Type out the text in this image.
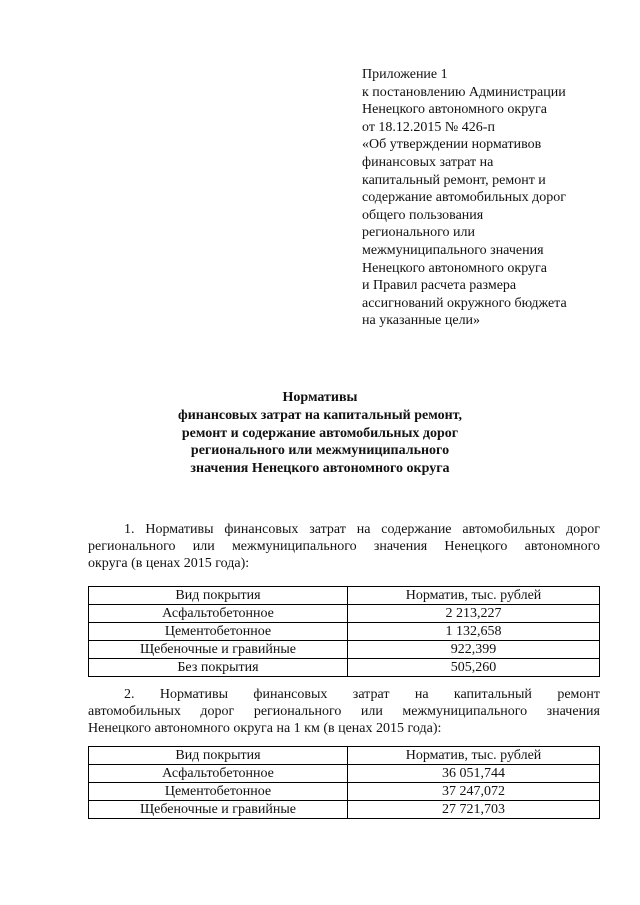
Приложение 1
к постановлению Администрации
Ненецкого автономного округа
от 18.12.2015 № 426-п
«Об утверждении нормативов
финансовых затрат на
капитальный ремонт, ремонт и
содержание автомобильных дорог
общего пользования
регионального или
межмуниципального значения
Ненецкого автономного округа
и Правил расчета размера
ассигнований окружного бюджета
на указанные цели»
Нормативы
финансовых затрат на капитальный ремонт,
ремонт и содержание автомобильных дорог
регионального или межмуниципального
значения Ненецкого автономного округа
1. Нормативы финансовых затрат на содержание автомобильных дорог
регионального или межмуниципального значения Ненецкого автономного
округа (в ценах 2015 года):
Вид покрытия	Норматив, тыс. рублей
Асфальтобетонное	2 213,227
Цементобетонное	1 132,658
Щебеночные и гравийные	922,399
Без покрытия	505,260
2. Нормативы финансовых затрат на капитальный ремонт
автомобильных дорог регионального или межмуниципального значения
Ненецкого автономного округа на 1 км (в ценах 2015 года):
Вид покрытия	Норматив, тыс. рублей
Асфальтобетонное	36 051,744
Цементобетонное	37 247,072
Щебеночные и гравийные	27 721,703
